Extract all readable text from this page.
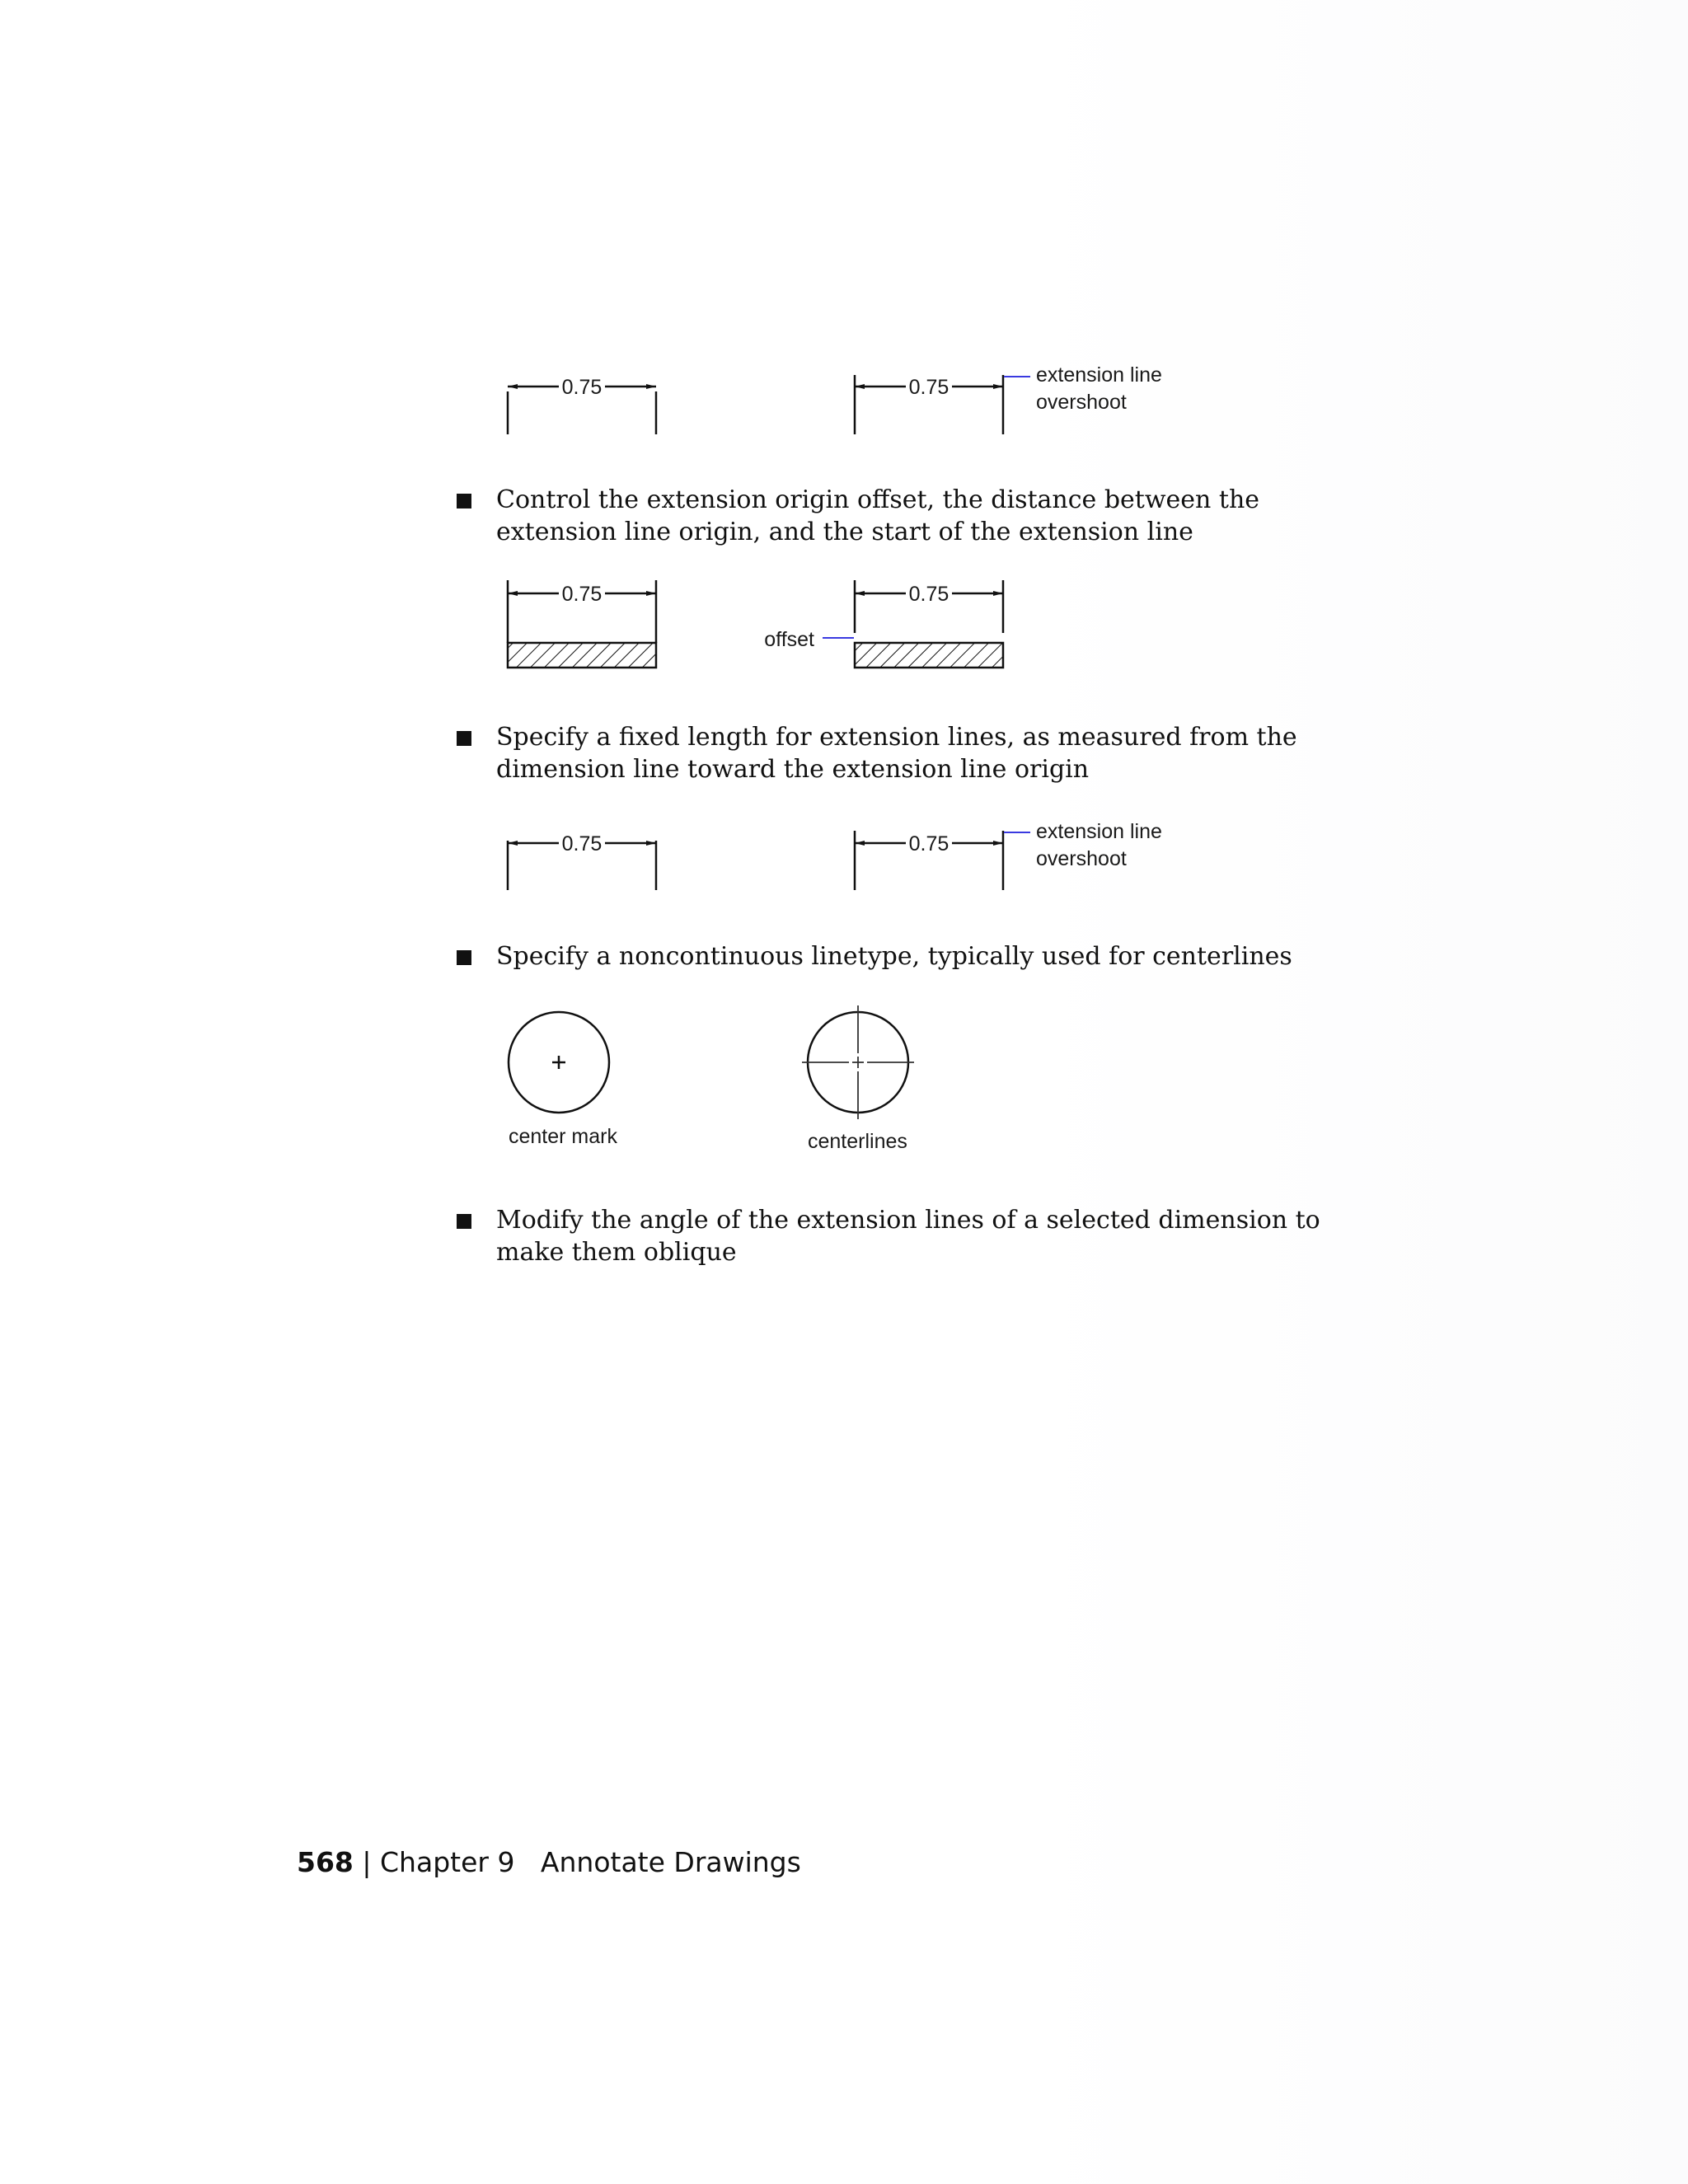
0.75	0.75
extension line
overshoot
Control the extension origin offset, the distance between the extension line origin, and the start of the extension line
0.75	0.75
offset
Specify a fixed length for extension lines, as measured from the dimension line toward the extension line origin
0.75	0.75
extension line
overshoot
Specify a noncontinuous linetype, typically used for centerlines
center mark	centerlines
Modify the angle of the extension lines of a selected dimension to make them oblique
568 | Chapter 9 Annotate Drawings
